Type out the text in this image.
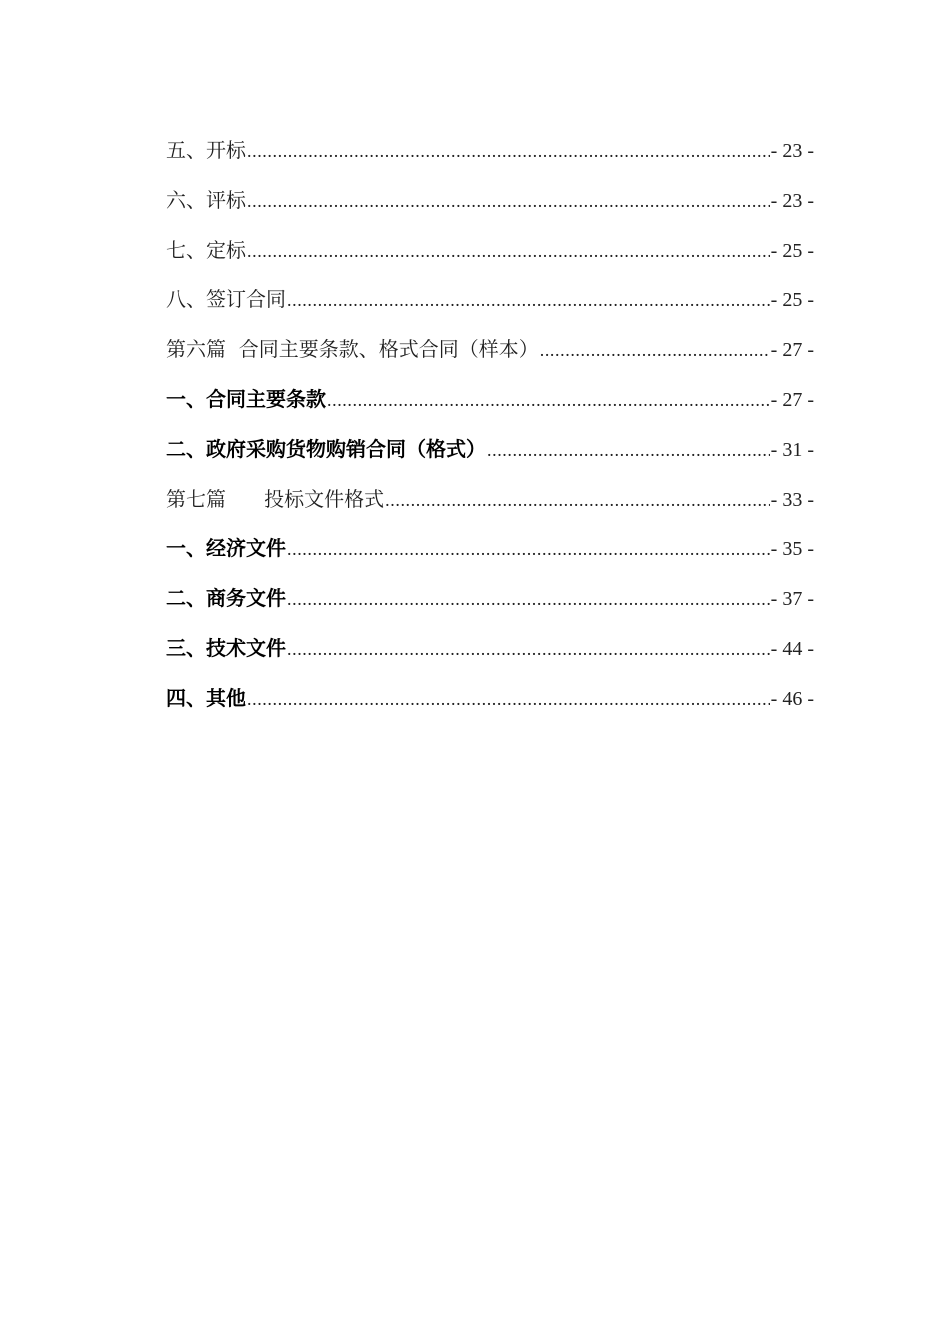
五、开标 .....	- 23 -
六、评标 .....	- 23 -
七、定标 .....	- 25 -
八、签订合同 .....	- 25 -
第六篇  合同主要条款、格式合同（样本） .....	- 27 -
一、合同主要条款 .....	- 27 -
二、政府采购货物购销合同（格式） .....	- 31 -
第七篇      投标文件格式 .....	- 33 -
一、经济文件 .....	- 35 -
二、商务文件 .....	- 37 -
三、技术文件 .....	- 44 -
四、其他 .....	- 46 -
